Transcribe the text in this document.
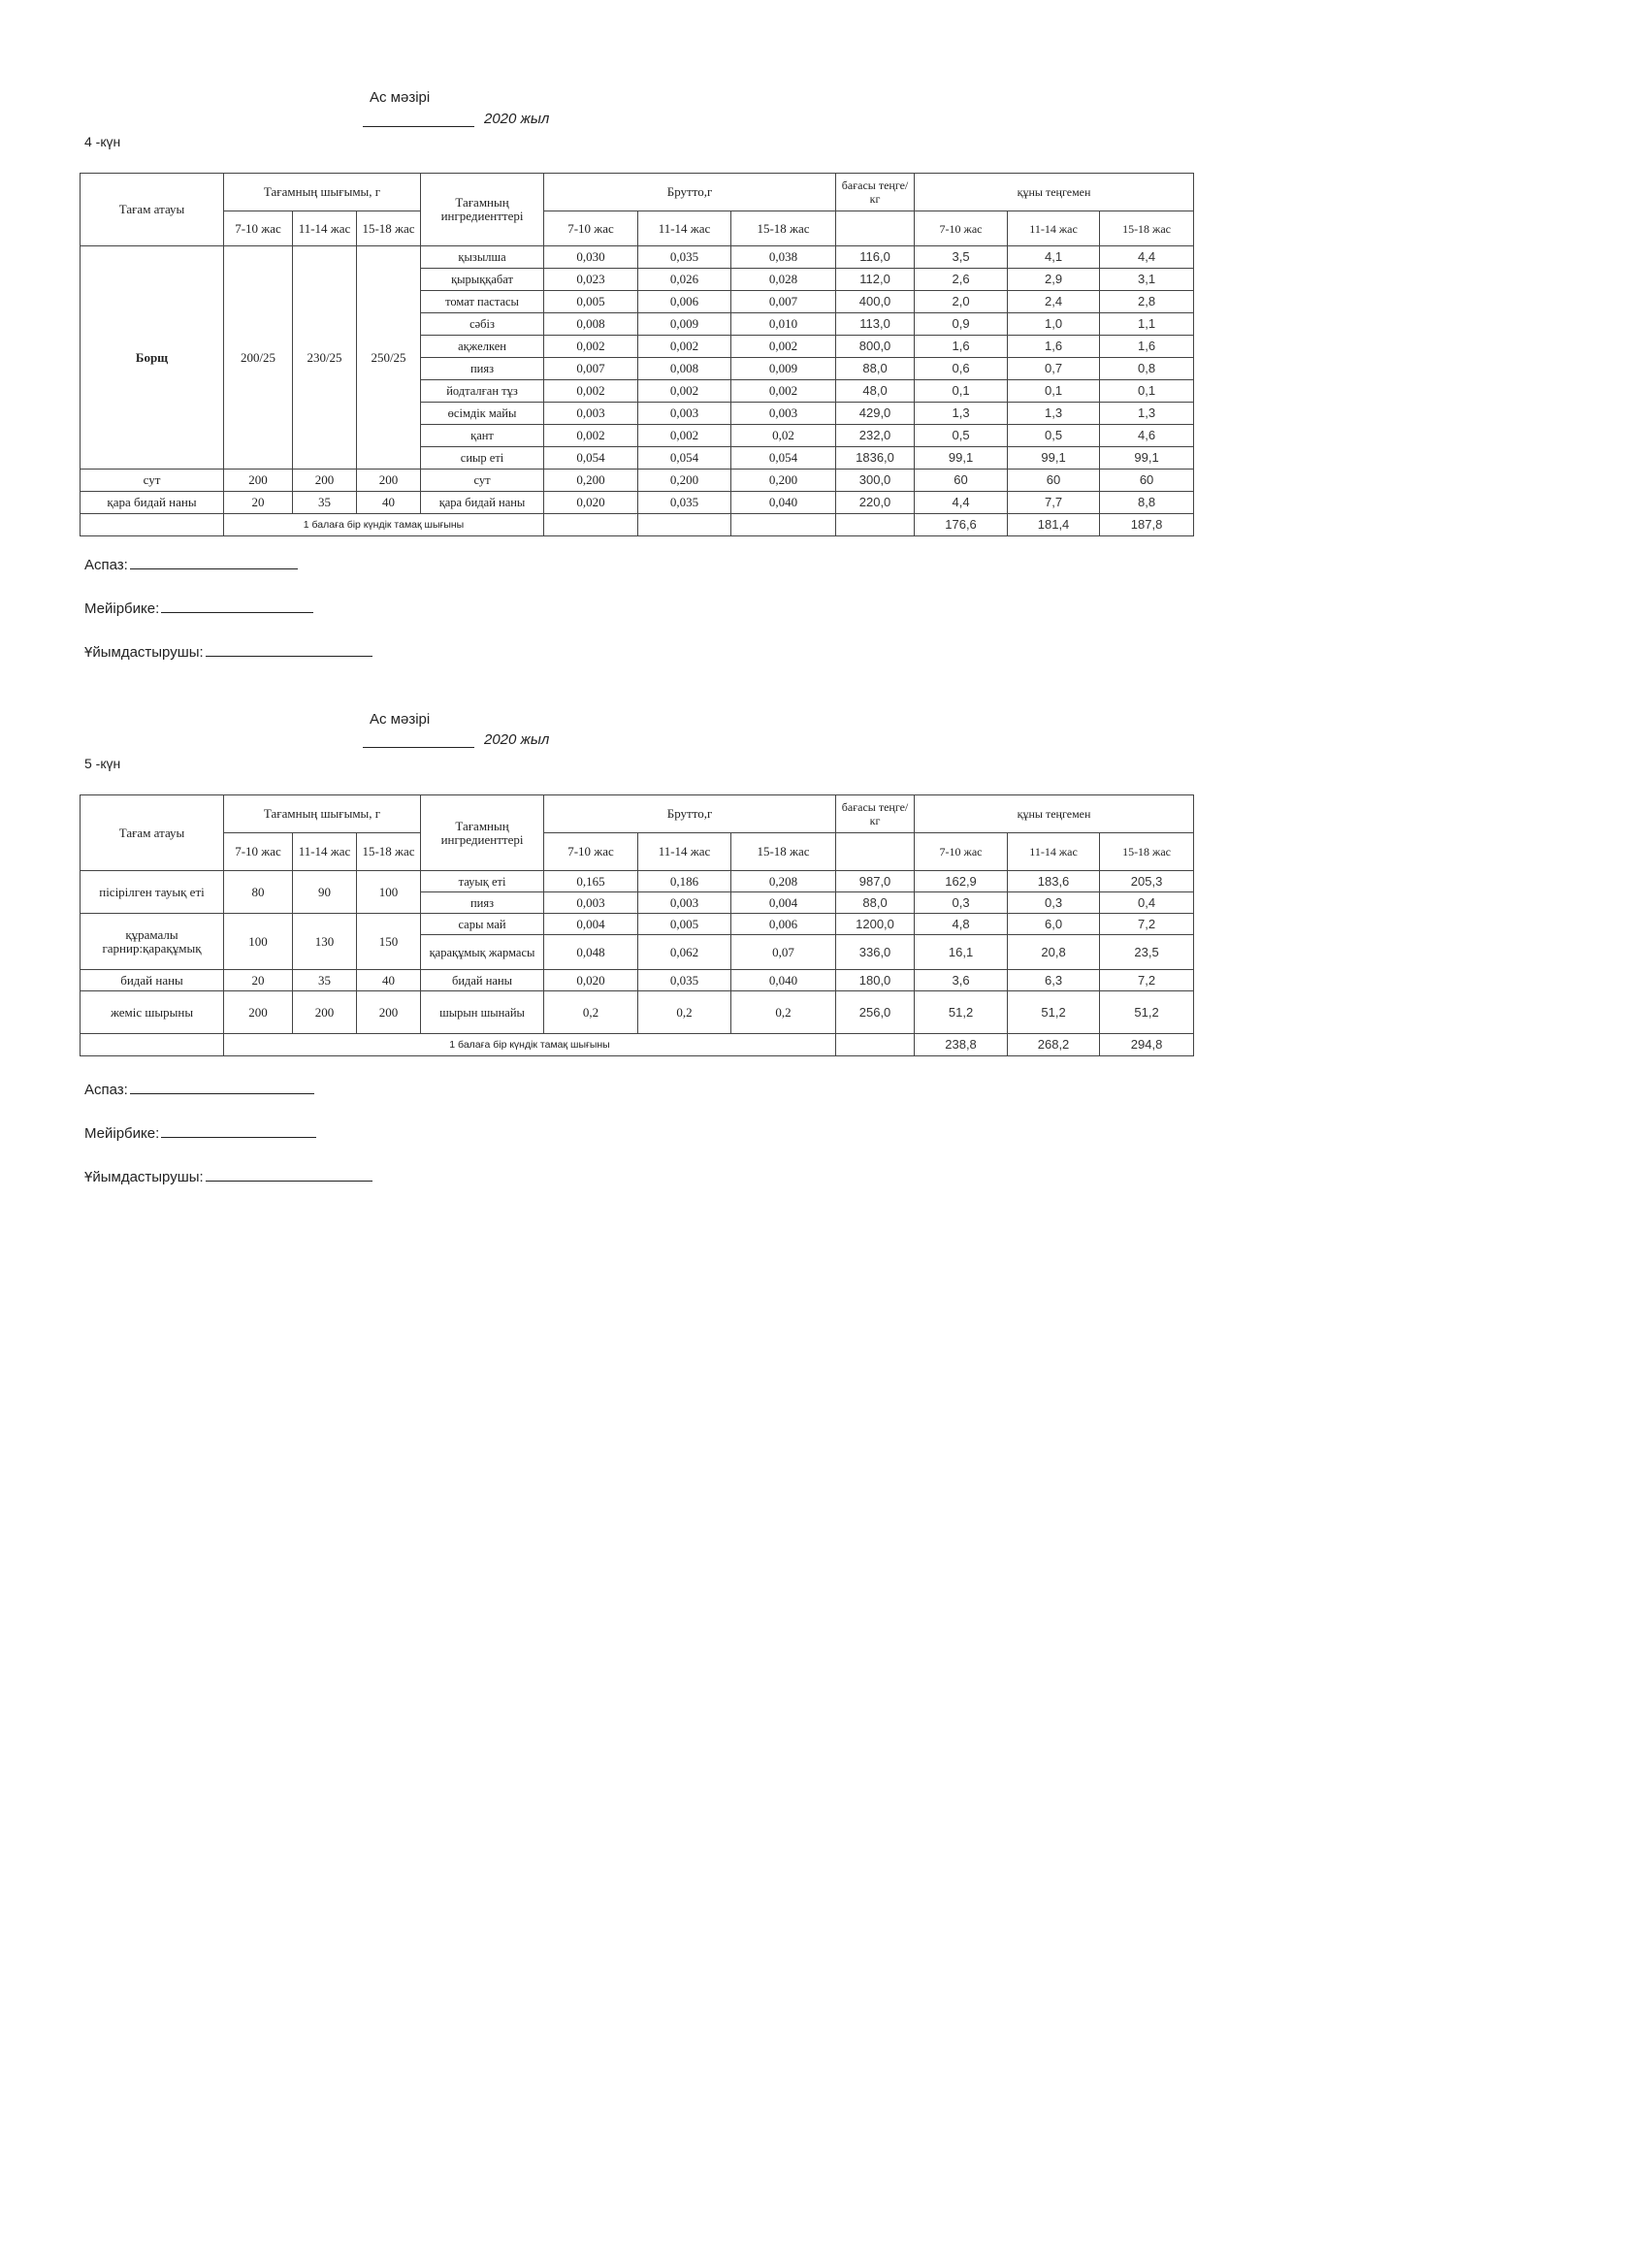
Ас мәзірі
2020 жыл
4 -күн
Тағам атауы	Тағамның шығымы, г			Тағамның ингредиенттері	Брутто,г			бағасы теңге/кг	құны теңгемен		
	7-10 жас	11-14 жас	15-18 жас		7-10 жас	11-14 жас	15-18 жас		7-10 жас	11-14 жас	15-18 жас
Борщ	200/25	230/25	250/25	қызылша	0,030	0,035	0,038	116,0	3,5	4,1	4,4
				қырыққабат	0,023	0,026	0,028	112,0	2,6	2,9	3,1
				томат пастасы	0,005	0,006	0,007	400,0	2,0	2,4	2,8
				сәбіз	0,008	0,009	0,010	113,0	0,9	1,0	1,1
				ақжелкен	0,002	0,002	0,002	800,0	1,6	1,6	1,6
				пияз	0,007	0,008	0,009	88,0	0,6	0,7	0,8
				йодталған тұз	0,002	0,002	0,002	48,0	0,1	0,1	0,1
				өсімдік майы	0,003	0,003	0,003	429,0	1,3	1,3	1,3
				қант	0,002	0,002	0,02	232,0	0,5	0,5	4,6
				сиыр еті	0,054	0,054	0,054	1836,0	99,1	99,1	99,1
сут	200	200	200	сут	0,200	0,200	0,200	300,0	60	60	60
қара бидай наны	20	35	40	қара бидай наны	0,020	0,035	0,040	220,0	4,4	7,7	8,8
	1 балаға бір күндік тамақ шығыны								176,6	181,4	187,8
Аспаз:
Мейірбике:
Ұйымдастырушы:
Ас мәзірі
2020 жыл
5 -күн
Тағам атауы	Тағамның шығымы, г			Тағамның ингредиенттері	Брутто,г			бағасы теңге/кг	құны теңгемен		
	7-10 жас	11-14 жас	15-18 жас		7-10 жас	11-14 жас	15-18 жас		7-10 жас	11-14 жас	15-18 жас
пісірілген тауық еті	80	90	100	тауық еті	0,165	0,186	0,208	987,0	162,9	183,6	205,3
				пияз	0,003	0,003	0,004	88,0	0,3	0,3	0,4
құрамалы гарнир:қарақұмық	100	130	150	сары май	0,004	0,005	0,006	1200,0	4,8	6,0	7,2
				қарақұмық жармасы	0,048	0,062	0,07	336,0	16,1	20,8	23,5
бидай наны	20	35	40	бидай наны	0,020	0,035	0,040	180,0	3,6	6,3	7,2
жеміс шырыны	200	200	200	шырын шынайы	0,2	0,2	0,2	256,0	51,2	51,2	51,2
	1 балаға бір күндік тамақ шығыны								238,8	268,2	294,8
Аспаз:
Мейірбике:
Ұйымдастырушы:
